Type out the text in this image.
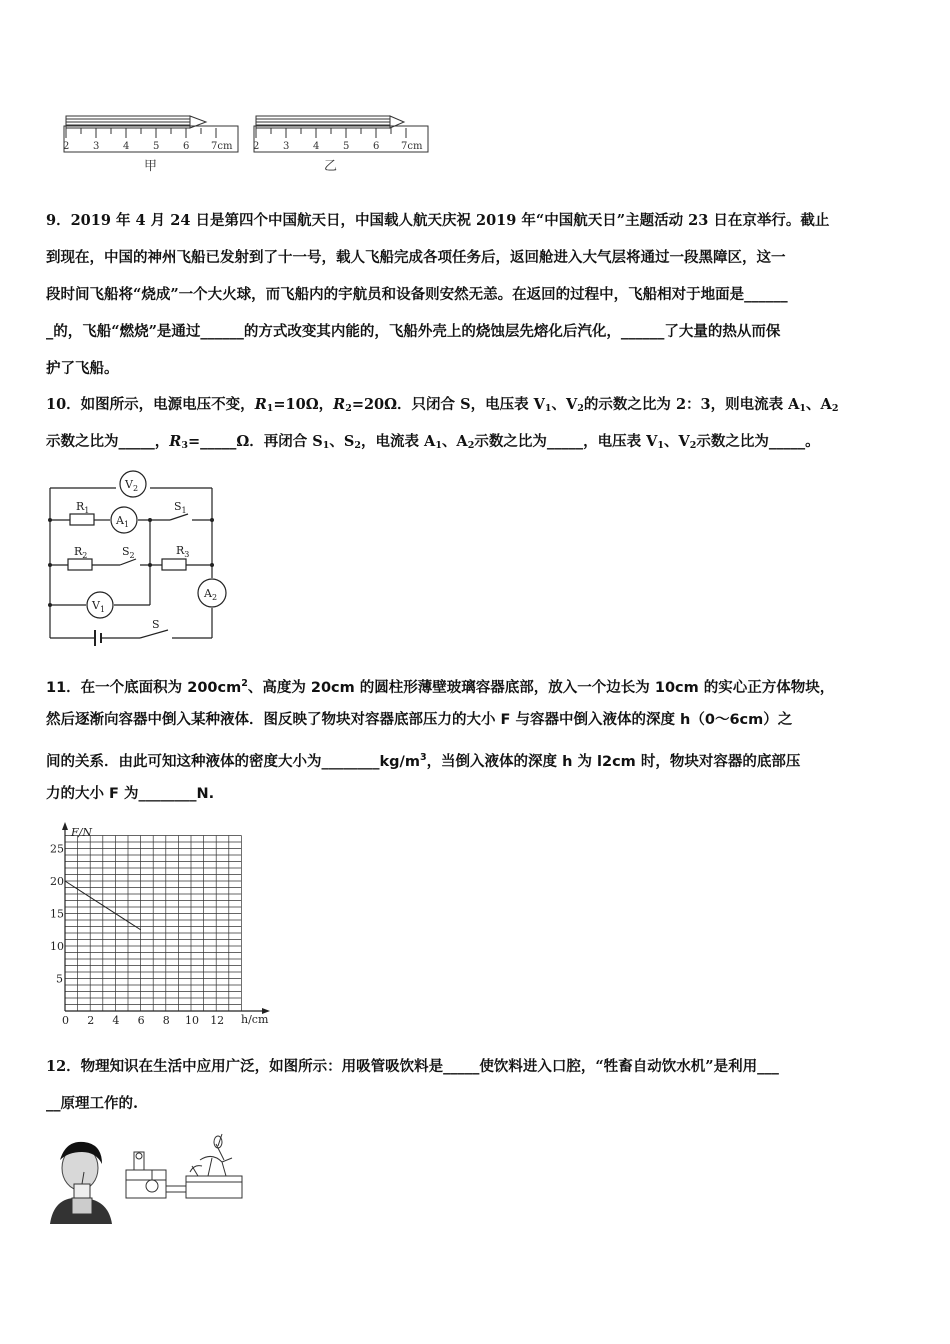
2 3 4 5 6 7cm
甲
2 3 4 5 6 7cm
乙
9．2019 年 4 月 24 日是第四个中国航天日，中国载人航天庆祝 2019 年“中国航天日”主题活动 23 日在京举行。截止
到现在，中国的神州飞船已发射到了十一号，载人飞船完成各项任务后，返回舱进入大气层将通过一段黑障区，这一
段时间飞船将“烧成”一个大火球，而飞船内的宇航员和设备则安然无恙。在返回的过程中，飞船相对于地面是______
_的，飞船“燃烧”是通过______的方式改变其内能的，飞船外壳上的烧蚀层先熔化后汽化，______了大量的热从而保
护了飞船。
10．如图所示，电源电压不变，$R_1=10\Omega$，$R_2=20\Omega$．只闭合 S，电压表 $V_1$、$V_2$的示数之比为 2：3，则电流表 $A_1$、$A_2$
示数之比为_____，$R_3=\_\_\_\_\_\Omega$．再闭合 $S_1$、$S_2$，电流表 $A_1$、$A_2$示数之比为_____，电压表 $V_1$、$V_2$示数之比为_____。
$V_2$
$A_1$
$A_2$
$V_1$
$R_1$	$S_1$
$R_2$	$S_2$	$R_3$
S
11．在一个底面积为 $200cm^2$、高度为 20cm 的圆柱形薄壁玻璃容器底部，放入一个边长为 10cm 的实心正方体物块，
然后逐渐向容器中倒入某种液体．图反映了物块对容器底部压力的大小 F 与容器中倒入液体的深度 h（0～6cm）之
间的关系．由此可知这种液体的密度大小为$\_\_\_\_\_\_\_\_kg/m^3$，当倒入液体的深度 h 为 l2cm 时，物块对容器的底部压
力的大小 F 为________N.
F/N
h/cm
0 2 4 6 8 10 12
5
10
15
20
25
12．物理知识在生活中应用广泛，如图所示：用吸管吸饮料是_____使饮料进入口腔，“牲畜自动饮水机”是利用___
__原理工作的.
